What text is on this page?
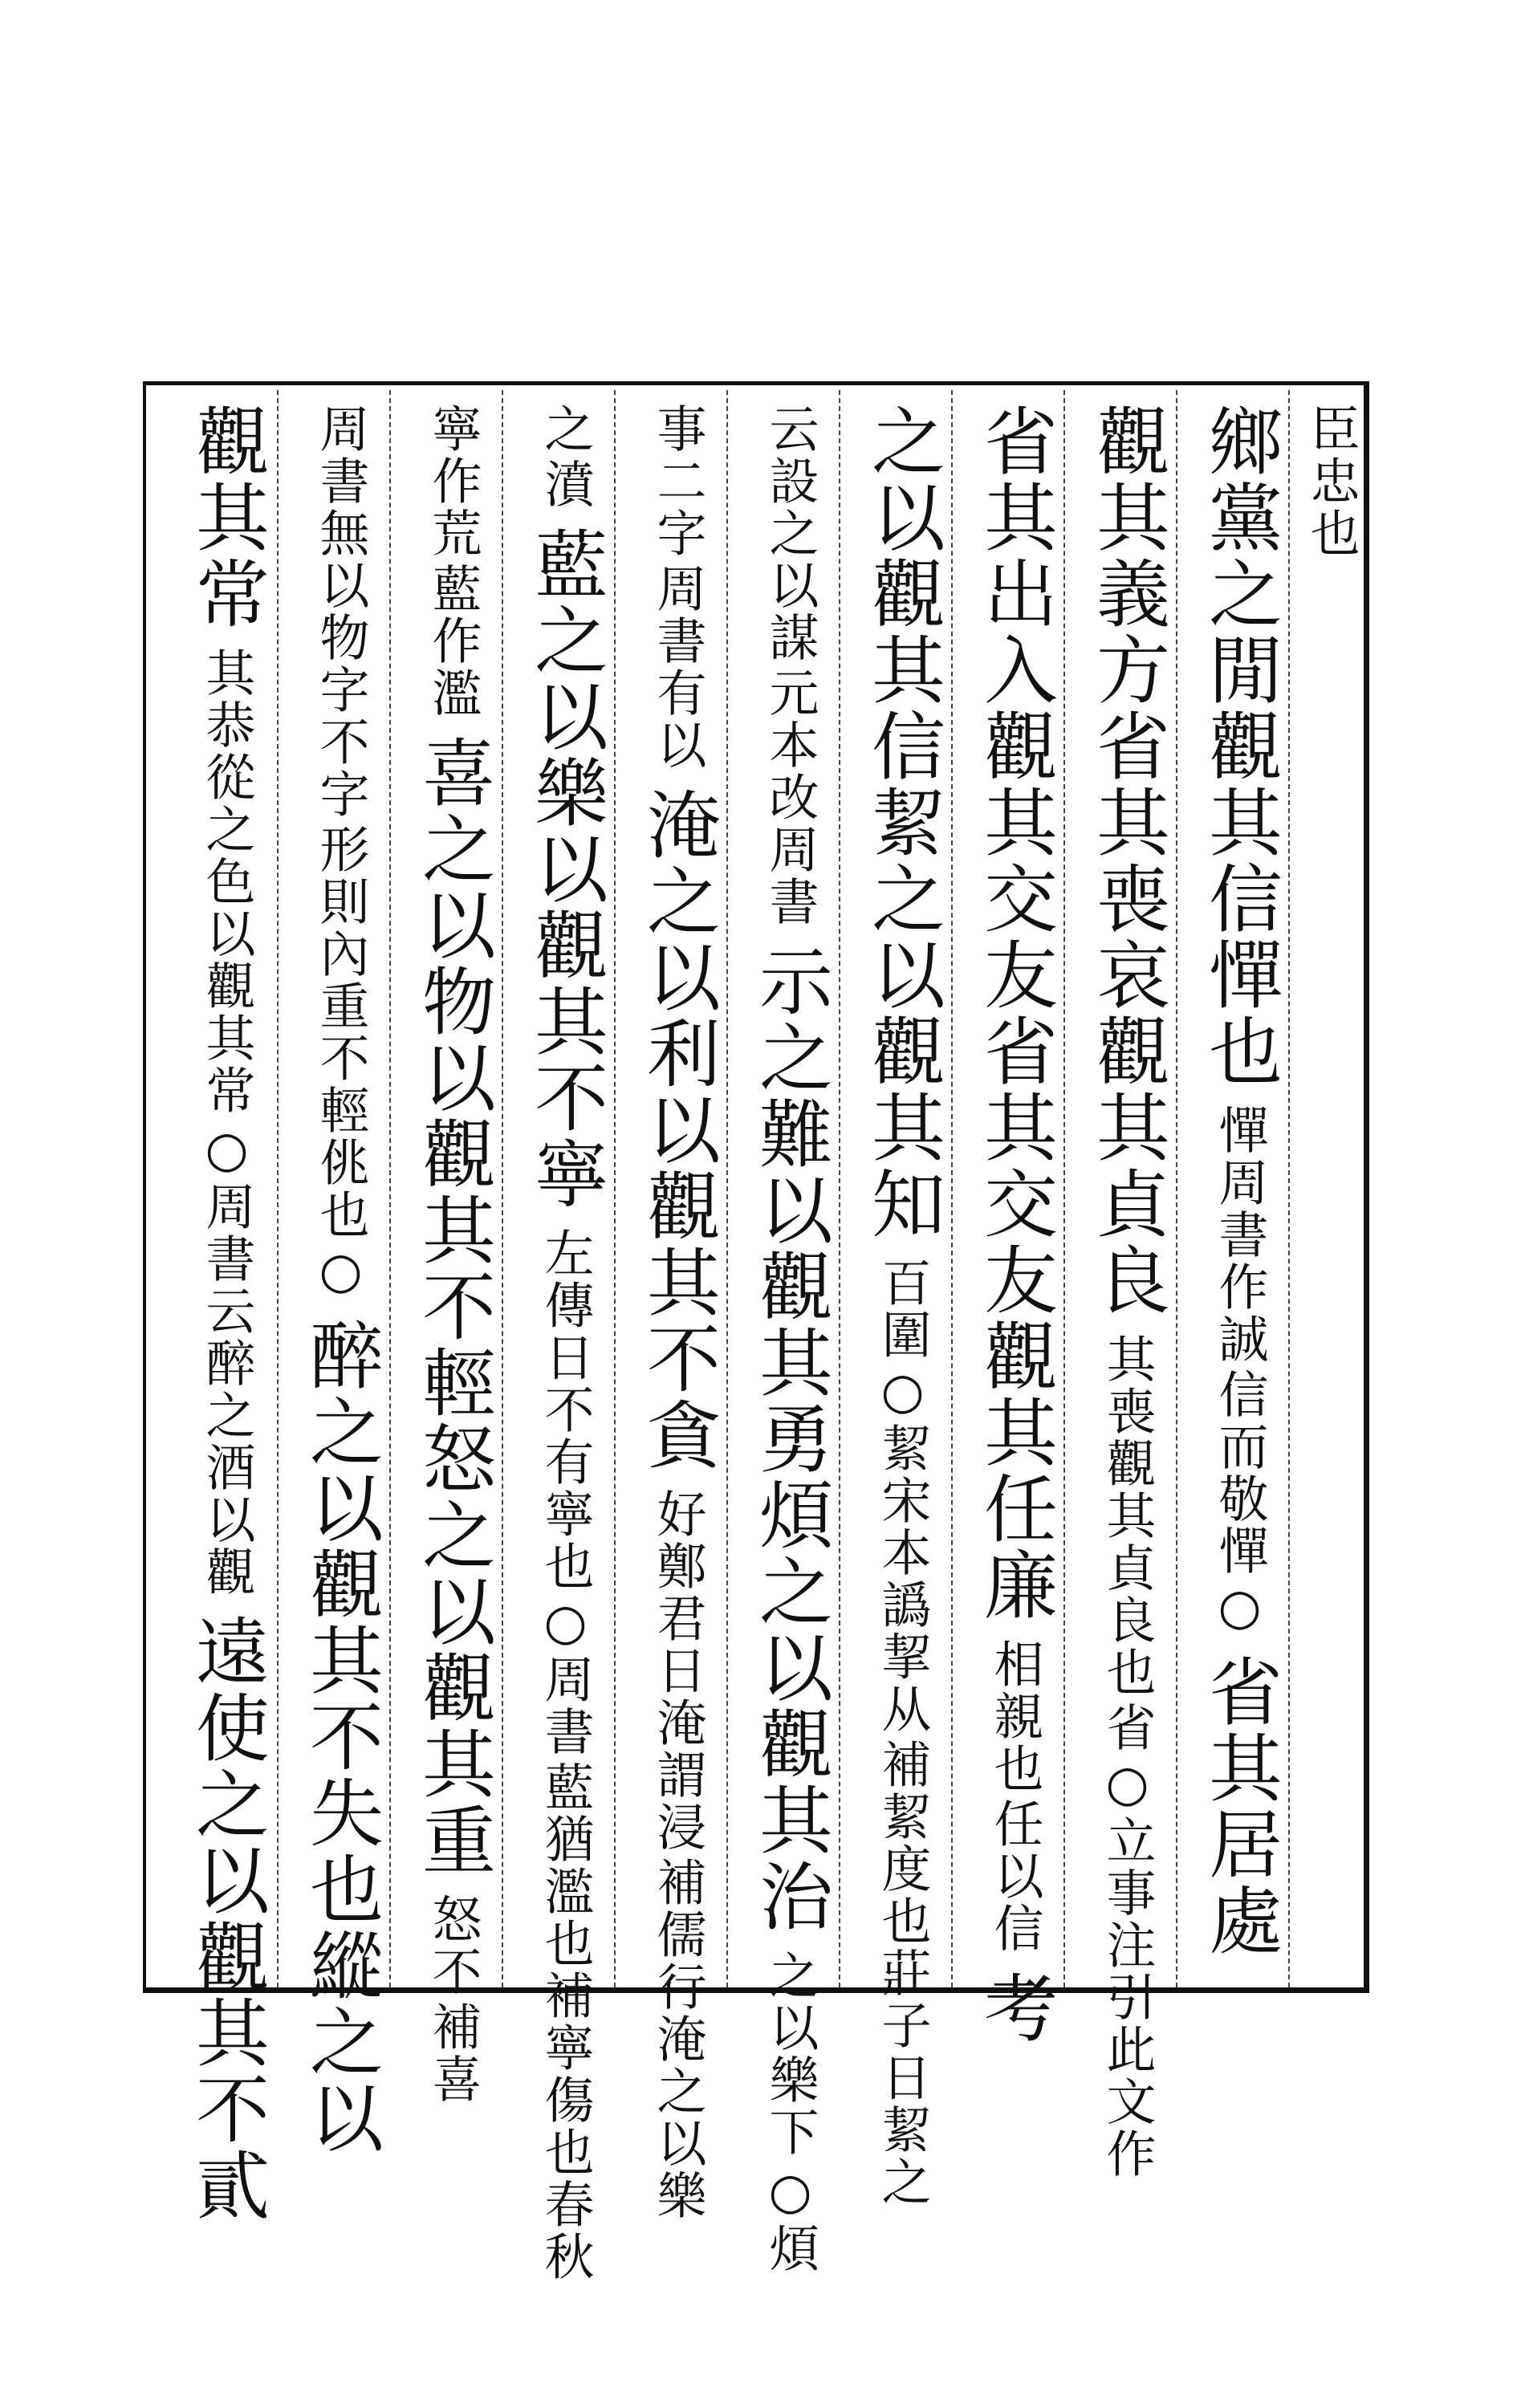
臣忠也
鄉黨之閒觀其信憚也
信而敬憚○
憚周書作誠
省其居處
觀其義方省其喪哀觀其貞良
省○立事注引此文作
其喪觀其貞良也
省其出入觀其交友省其交友觀其任廉
任以信
相親也
考
之以觀其信絜之以觀其知
補絜度也莊子日絜之
百圍○絜宋本譌挈从
元本改周書
云設之以謀
示之難以觀其勇煩之以觀其治
○煩
之以樂下
周書有以
事二字
淹之以利以觀其不貪
補儒行淹之以樂
好鄭君日淹謂浸
濆
之
藍之以樂以觀其不寧
藍猶濫也補寧傷也春秋
左傳日不有寧也○周書
藍作濫
寧作荒
喜之以物以觀其不輕怒之以觀其重
補喜
怒不
形則內重不輕佻也○
周書無以物字不字
醉之以觀其不失也縱之以
觀其常
○周書云醉之酒以觀
其恭從之色以觀其常
遠使之以觀其不貳
